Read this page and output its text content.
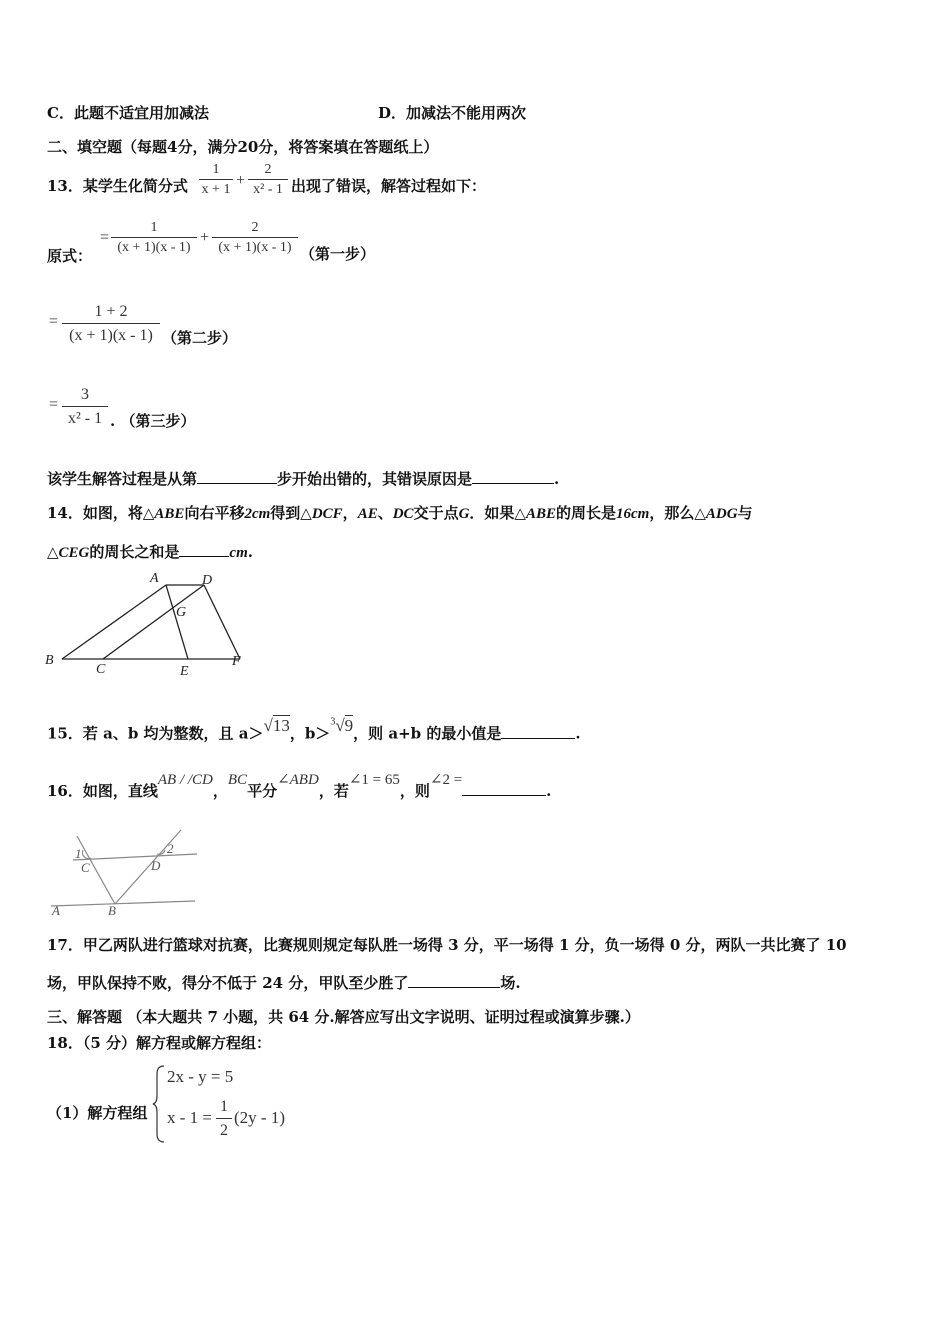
C．此题不适宜用加减法	D．加减法不能用两次
二、填空题（每题4分，满分20分，将答案填在答题纸上）
13．某学生化简分式 $\frac{1}{x + 1} + \frac{2}{\text{x² - 1}}$ 出现了错误，解答过程如下：
原式：
= $\frac{1}{(x + 1)(x - 1)} + \frac{2}{(x + 1)(x - 1)}$ （第一步）
= $\frac{1 + 2}{(x + 1)(x - 1)}$ （第二步）
= $\frac{3}{\text{x² - 1}}$ . （第三步）
该学生解答过程是从第	步开始出错的，其错误原因是	.
14．如图，将△ABE向右平移2cm得到△DCF，AE、DC交于点G．如果△ABE的周长是16cm，那么△ADG与
△CEG的周长之和是	cm.
A	D
G
B
C	E
F
15．若 a、b 均为整数，且 a＞√13，b＞$^3$√9，则 a+b 的最小值是	.
16．如图，直线AB / /CD，BC平分∠ABD，若∠1 = 65，则∠2 =.
1	2
C	D
A	B
17．甲乙两队进行篮球对抗赛，比赛规则规定每队胜一场得 3 分，平一场得 1 分，负一场得 0 分，两队一共比赛了 10
场，甲队保持不败，得分不低于 24 分，甲队至少胜了	场.
三、解答题 （本大题共 7 小题，共 64 分.解答应写出文字说明、证明过程或演算步骤.）
18．（5 分）解方程或解方程组：
（1）解方程组
2x - y = 5
$x - 1 = \frac{1}{2} (2y - 1)$
